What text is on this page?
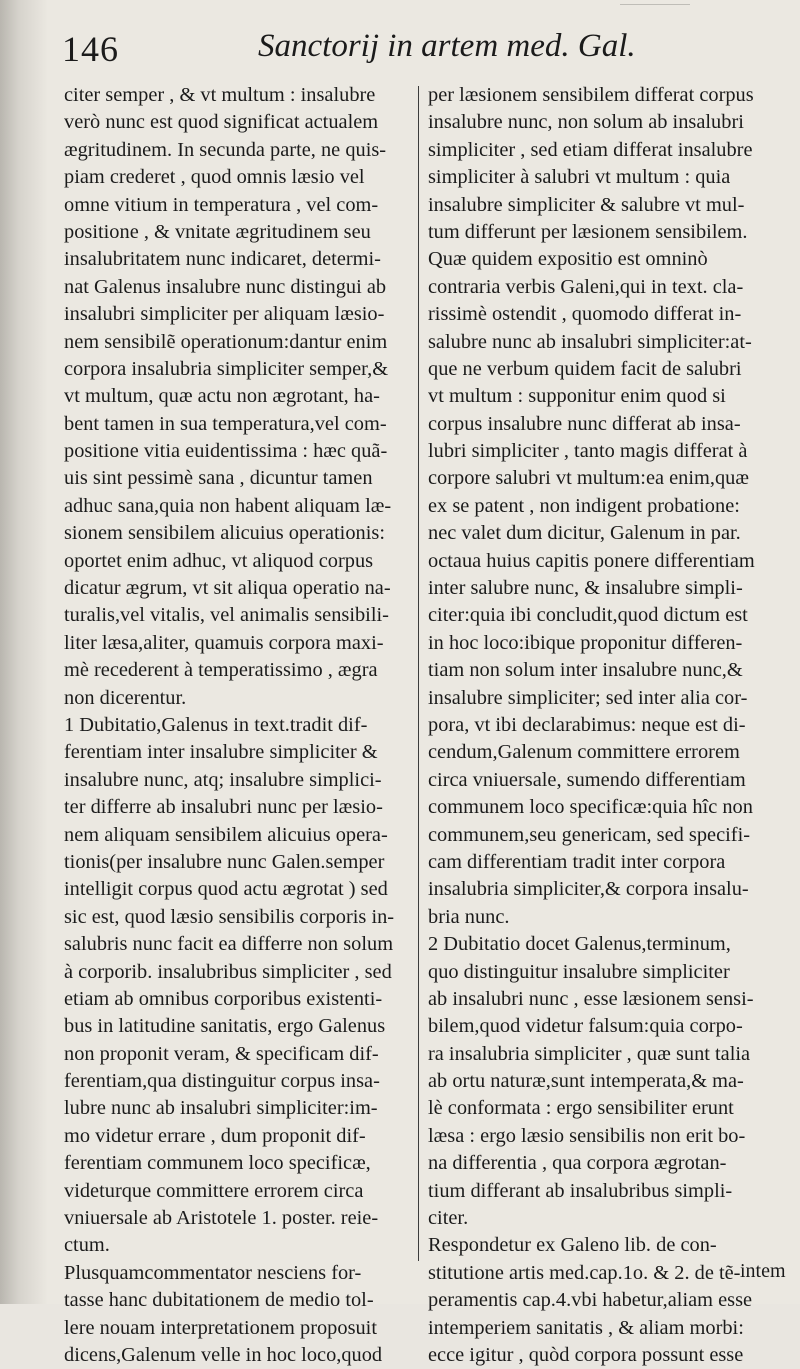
146	Sanctorij in artem med. Gal.
citer semper , & vt multum : insalubre
verò nunc est quod significat actualem
ægritudinem. In secunda parte, ne quis-
piam crederet , quod omnis læsio vel
omne vitium in temperatura , vel com-
positione , & vnitate ægritudinem seu
insalubritatem nunc indicaret, determi-
nat Galenus insalubre nunc distingui ab
insalubri simpliciter per aliquam læsio-
nem sensibilẽ operationum:dantur enim
corpora insalubria simpliciter semper,&
vt multum, quæ actu non ægrotant, ha-
bent tamen in sua temperatura,vel com-
positione vitia euidentissima : hæc quã-
uis sint pessimè sana , dicuntur tamen
adhuc sana,quia non habent aliquam læ-
sionem sensibilem alicuius operationis:
oportet enim adhuc, vt aliquod corpus
dicatur ægrum, vt sit aliqua operatio na-
turalis,vel vitalis, vel animalis sensibili-
liter læsa,aliter, quamuis corpora maxi-
mè recederent à temperatissimo , ægra
non dicerentur.
1 Dubitatio,Galenus in text.tradit dif-
ferentiam inter insalubre simpliciter &
insalubre nunc, atq; insalubre simplici-
ter differre ab insalubri nunc per læsio-
nem aliquam sensibilem alicuius opera-
tionis(per insalubre nunc Galen.semper
intelligit corpus quod actu ægrotat ) sed
sic est, quod læsio sensibilis corporis in-
salubris nunc facit ea differre non solum
à corporib. insalubribus simpliciter , sed
etiam ab omnibus corporibus existenti-
bus in latitudine sanitatis, ergo Galenus
non proponit veram, & specificam dif-
ferentiam,qua distinguitur corpus insa-
lubre nunc ab insalubri simpliciter:im-
mo videtur errare , dum proponit dif-
ferentiam communem loco specificæ,
videturque committere errorem circa
vniuersale ab Aristotele 1. poster. reie-
ctum.
Plusquamcommentator nesciens for-
tasse hanc dubitationem de medio tol-
lere nouam interpretationem proposuit
dicens,Galenum velle in hoc loco,quod
per læsionem sensibilem differat corpus
insalubre nunc, non solum ab insalubri
simpliciter , sed etiam differat insalubre
simpliciter à salubri vt multum : quia
insalubre simpliciter & salubre vt mul-
tum differunt per læsionem sensibilem.
Quæ quidem expositio est omninò
contraria verbis Galeni,qui in text. cla-
rissimè ostendit , quomodo differat in-
salubre nunc ab insalubri simpliciter:at-
que ne verbum quidem facit de salubri
vt multum : supponitur enim quod si
corpus insalubre nunc differat ab insa-
lubri simpliciter , tanto magis differat à
corpore salubri vt multum:ea enim,quæ
ex se patent , non indigent probatione:
nec valet dum dicitur, Galenum in par.
octaua huius capitis ponere differentiam
inter salubre nunc, & insalubre simpli-
citer:quia ibi concludit,quod dictum est
in hoc loco:ibique proponitur differen-
tiam non solum inter insalubre nunc,&
insalubre simpliciter; sed inter alia cor-
pora, vt ibi declarabimus: neque est di-
cendum,Galenum committere errorem
circa vniuersale, sumendo differentiam
communem loco specificæ:quia hîc non
communem,seu genericam, sed specifi-
cam differentiam tradit inter corpora
insalubria simpliciter,& corpora insalu-
bria nunc.
2 Dubitatio docet Galenus,terminum,
quo distinguitur insalubre simpliciter
ab insalubri nunc , esse læsionem sensi-
bilem,quod videtur falsum:quia corpo-
ra insalubria simpliciter , quæ sunt talia
ab ortu naturæ,sunt intemperata,& ma-
lè conformata : ergo sensibiliter erunt
læsa : ergo læsio sensibilis non erit bo-
na differentia , qua corpora ægrotan-
tium differant ab insalubribus simpli-
citer.
Respondetur ex Galeno lib. de con-
stitutione artis med.cap.1o. & 2. de tẽ-
peramentis cap.4.vbi habetur,aliam esse
intemperiem sanitatis , & aliam morbi:
ecce igitur , quòd corpora possunt esse
intem
